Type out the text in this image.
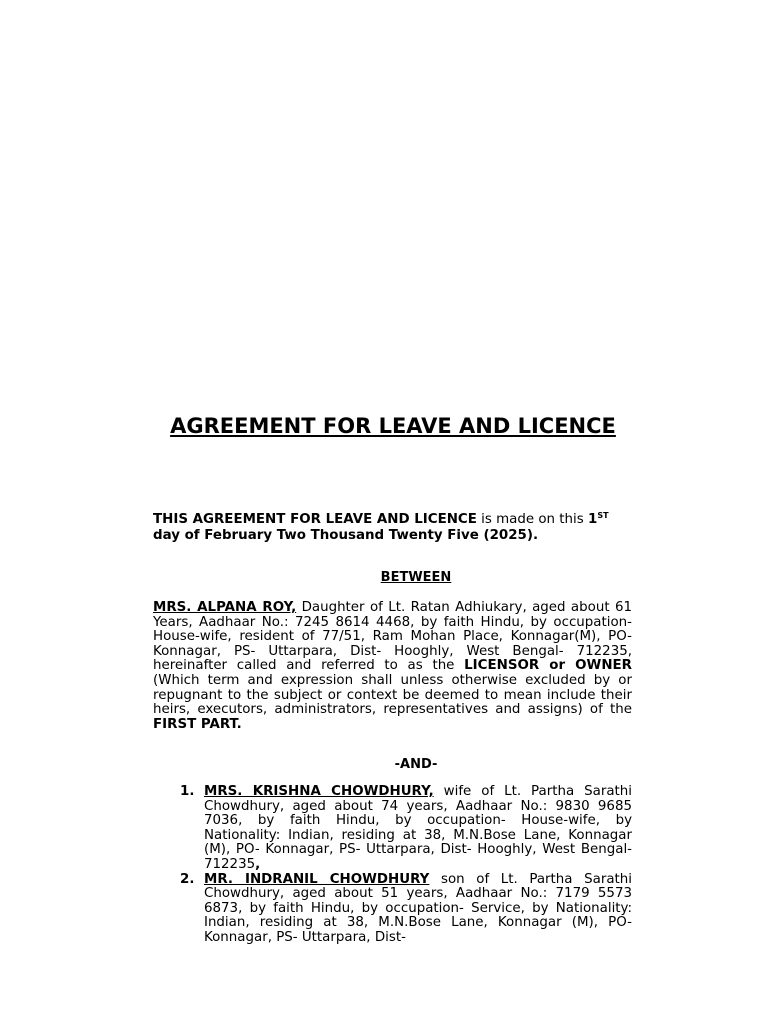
AGREEMENT FOR LEAVE AND LICENCE

THIS AGREEMENT FOR LEAVE AND LICENCE is made on this 1ST
day of February Two Thousand Twenty Five (2025).

BETWEEN

MRS. ALPANA ROY, Daughter of Lt. Ratan Adhiukary, aged about 61 Years, Aadhaar No.: 7245 8614 4468, by faith Hindu, by occupation- House-wife, resident of 77/51, Ram Mohan Place, Konnagar(M), PO- Konnagar, PS- Uttarpara, Dist- Hooghly, West Bengal- 712235, hereinafter called and referred to as the LICENSOR or OWNER (Which term and expression shall unless otherwise excluded by or repugnant to the subject or context be deemed to mean include their heirs, executors, administrators, representatives and assigns) of the FIRST PART.

-AND-

1. MRS. KRISHNA CHOWDHURY, wife of Lt. Partha Sarathi Chowdhury, aged about 74 years, Aadhaar No.: 9830 9685 7036, by faith Hindu, by occupation- House-wife, by Nationality: Indian, residing at 38, M.N.Bose Lane, Konnagar (M), PO- Konnagar, PS- Uttarpara, Dist- Hooghly, West Bengal- 712235,
2. MR. INDRANIL CHOWDHURY son of Lt. Partha Sarathi Chowdhury, aged about 51 years, Aadhaar No.: 7179 5573 6873, by faith Hindu, by occupation- Service, by Nationality: Indian, residing at 38, M.N.Bose Lane, Konnagar (M), PO- Konnagar, PS- Uttarpara, Dist-
